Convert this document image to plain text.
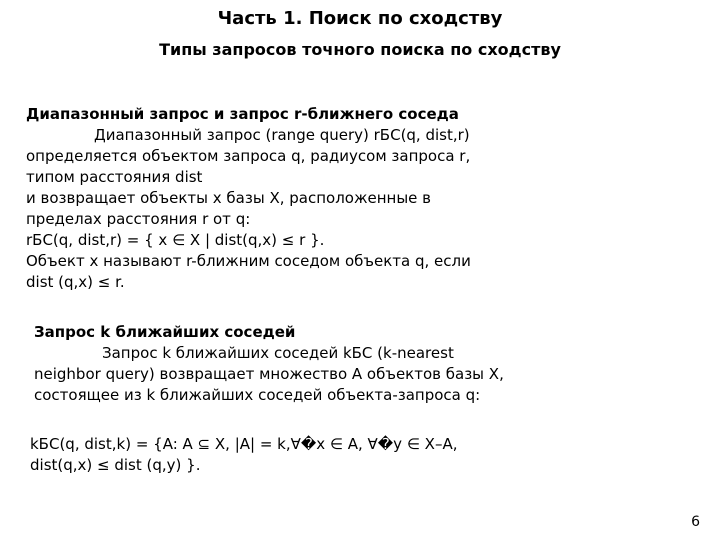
Часть 1. Поиск по сходству
Типы запросов точного поиска по сходству
Диапазонный запрос и запрос r-ближнего соседа
Диапазонный запрос (range query) rБС(q, dist,r)
определяется объектом запроса q, радиусом запроса r,
типом расстояния dist
и возвращает объекты x базы X, расположенные в
пределах расстояния r от q:
rБС(q, dist,r) = { x ∈ X | dist(q,x) ≤ r }.
Объект x называют r-ближним соседом объекта q, если
dist (q,x) ≤ r.
Запрос k ближайших соседей
Запрос k ближайших соседей kБС (k-nearest
neighbor query) возвращает множество A объектов базы X,
состоящее из k ближайших соседей объекта-запроса q:
kБС(q, dist,k) = {A: A ⊆ X, |A| = k,∀�x ∈ A, ∀�y ∈ X–A,
dist(q,x) ≤ dist (q,y) }.
6
